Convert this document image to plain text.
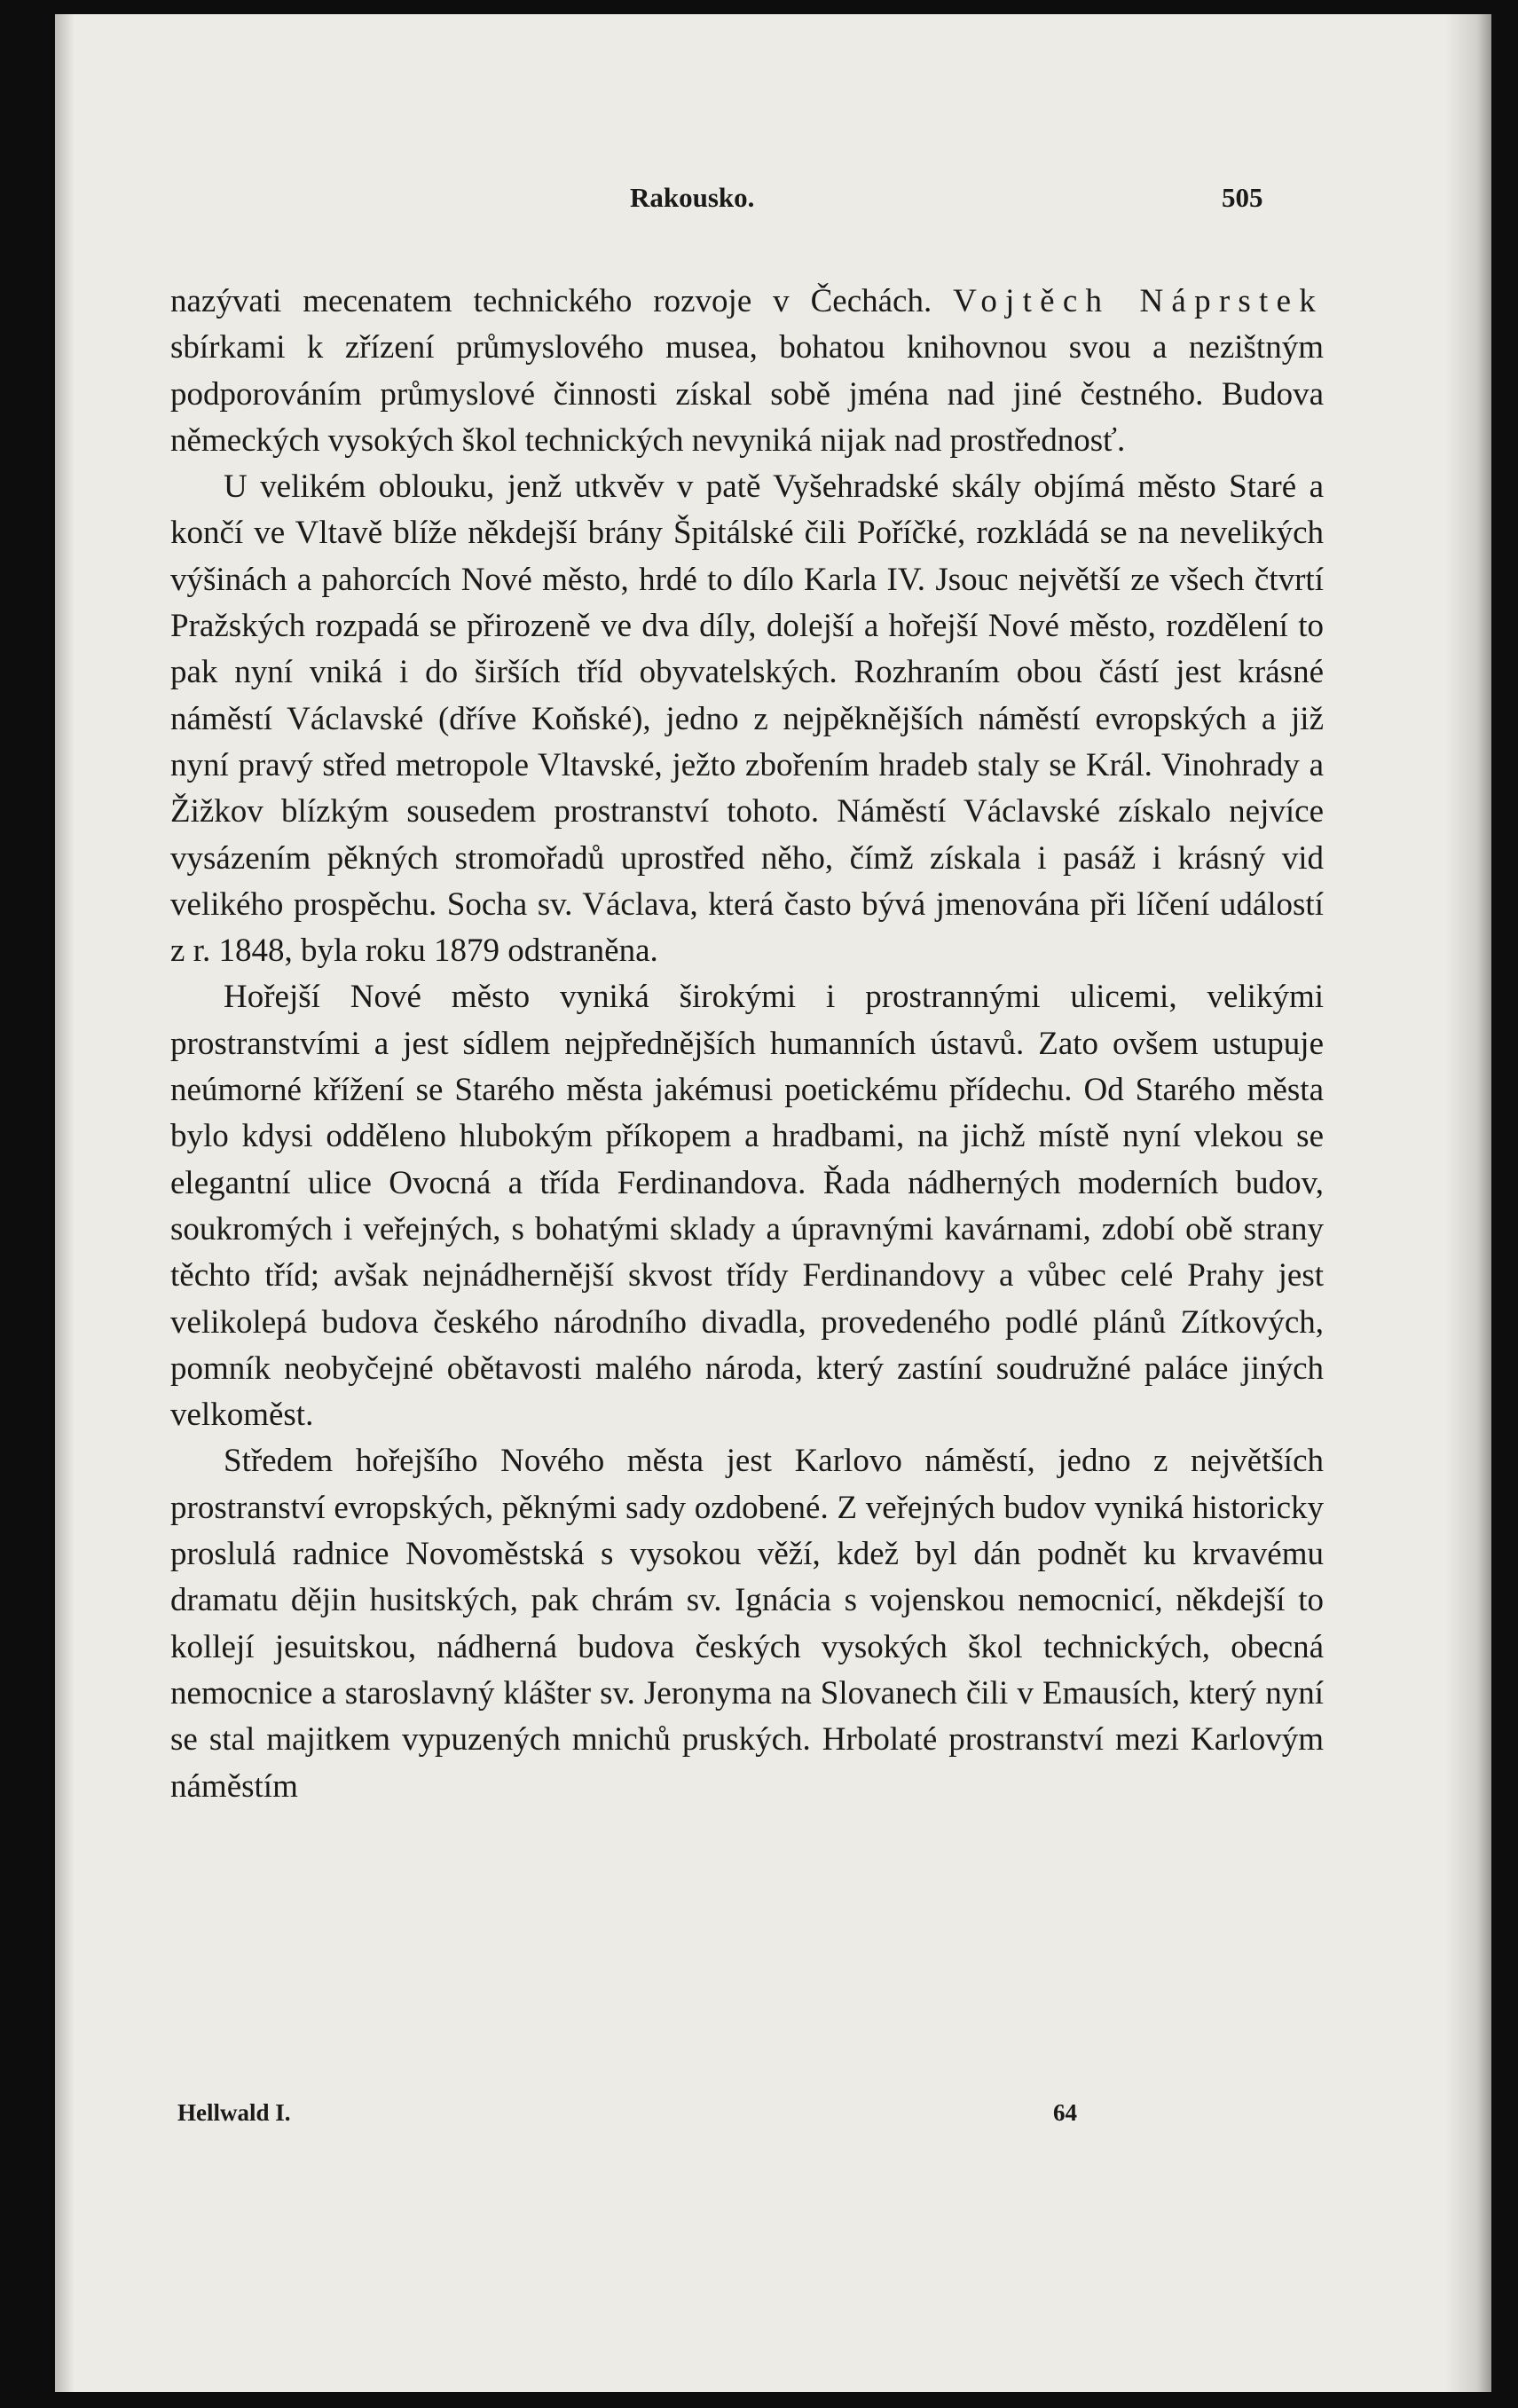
Rakousko.	505

nazývati mecenatem technického rozvoje v Čechách. Vojtěch Náprstek sbírkami k zřízení průmyslového musea, bohatou knihovnou svou a nezištným podporováním průmyslové činnosti získal sobě jména nad jiné čestného. Budova německých vysokých škol technických nevyniká nijak nad prostřednosť.

U velikém oblouku, jenž utkvěv v patě Vyšehradské skály objímá město Staré a končí ve Vltavě blíže někdejší brány Špitálské čili Poříčké, rozkládá se na nevelikých výšinách a pahorcích Nové město, hrdé to dílo Karla IV. Jsouc největší ze všech čtvrtí Pražských rozpadá se přirozeně ve dva díly, dolejší a hořejší Nové město, rozdělení to pak nyní vniká i do širších tříd obyvatelských. Rozhraním obou částí jest krásné náměstí Václavské (dříve Koňské), jedno z nejpěknějších náměstí evropských a již nyní pravý střed metropole Vltavské, ježto zbořením hradeb staly se Král. Vinohrady a Žižkov blízkým sousedem prostranství tohoto. Náměstí Václavské získalo nejvíce vysázením pěkných stromořadů uprostřed něho, čímž získala i pasáž i krásný vid velikého prospěchu. Socha sv. Václava, která často bývá jmenována při líčení událostí z r. 1848, byla roku 1879 odstraněna.

Hořejší Nové město vyniká širokými i prostrannými ulicemi, velikými prostranstvími a jest sídlem nejpřednějších humanních ústavů. Zato ovšem ustupuje neúmorné křížení se Starého města jakémusi poetickému přídechu. Od Starého města bylo kdysi odděleno hlubokým příkopem a hradbami, na jichž místě nyní vlekou se elegantní ulice Ovocná a třída Ferdinandova. Řada nádherných moderních budov, soukromých i veřejných, s bohatými sklady a úpravnými kavárnami, zdobí obě strany těchto tříd; avšak nejnádhernější skvost třídy Ferdinandovy a vůbec celé Prahy jest velikolepá budova českého národního divadla, provedeného podlé plánů Zítkových, pomník neobyčejné obětavosti malého národa, který zastíní soudružné paláce jiných velkoměst.

Středem hořejšího Nového města jest Karlovo náměstí, jedno z největších prostranství evropských, pěknými sady ozdobené. Z veřejných budov vyniká historicky proslulá radnice Novoměstská s vysokou věží, kdež byl dán podnět ku krvavému dramatu dějin husitských, pak chrám sv. Ignácia s vojenskou nemocnicí, někdejší to kollejí jesuitskou, nádherná budova českých vysokých škol technických, obecná nemocnice a staroslavný klášter sv. Jeronyma na Slovanech čili v Emausích, který nyní se stal majitkem vypuzených mnichů pruských. Hrbolaté prostranství mezi Karlovým náměstím

Hellwald I.	64
